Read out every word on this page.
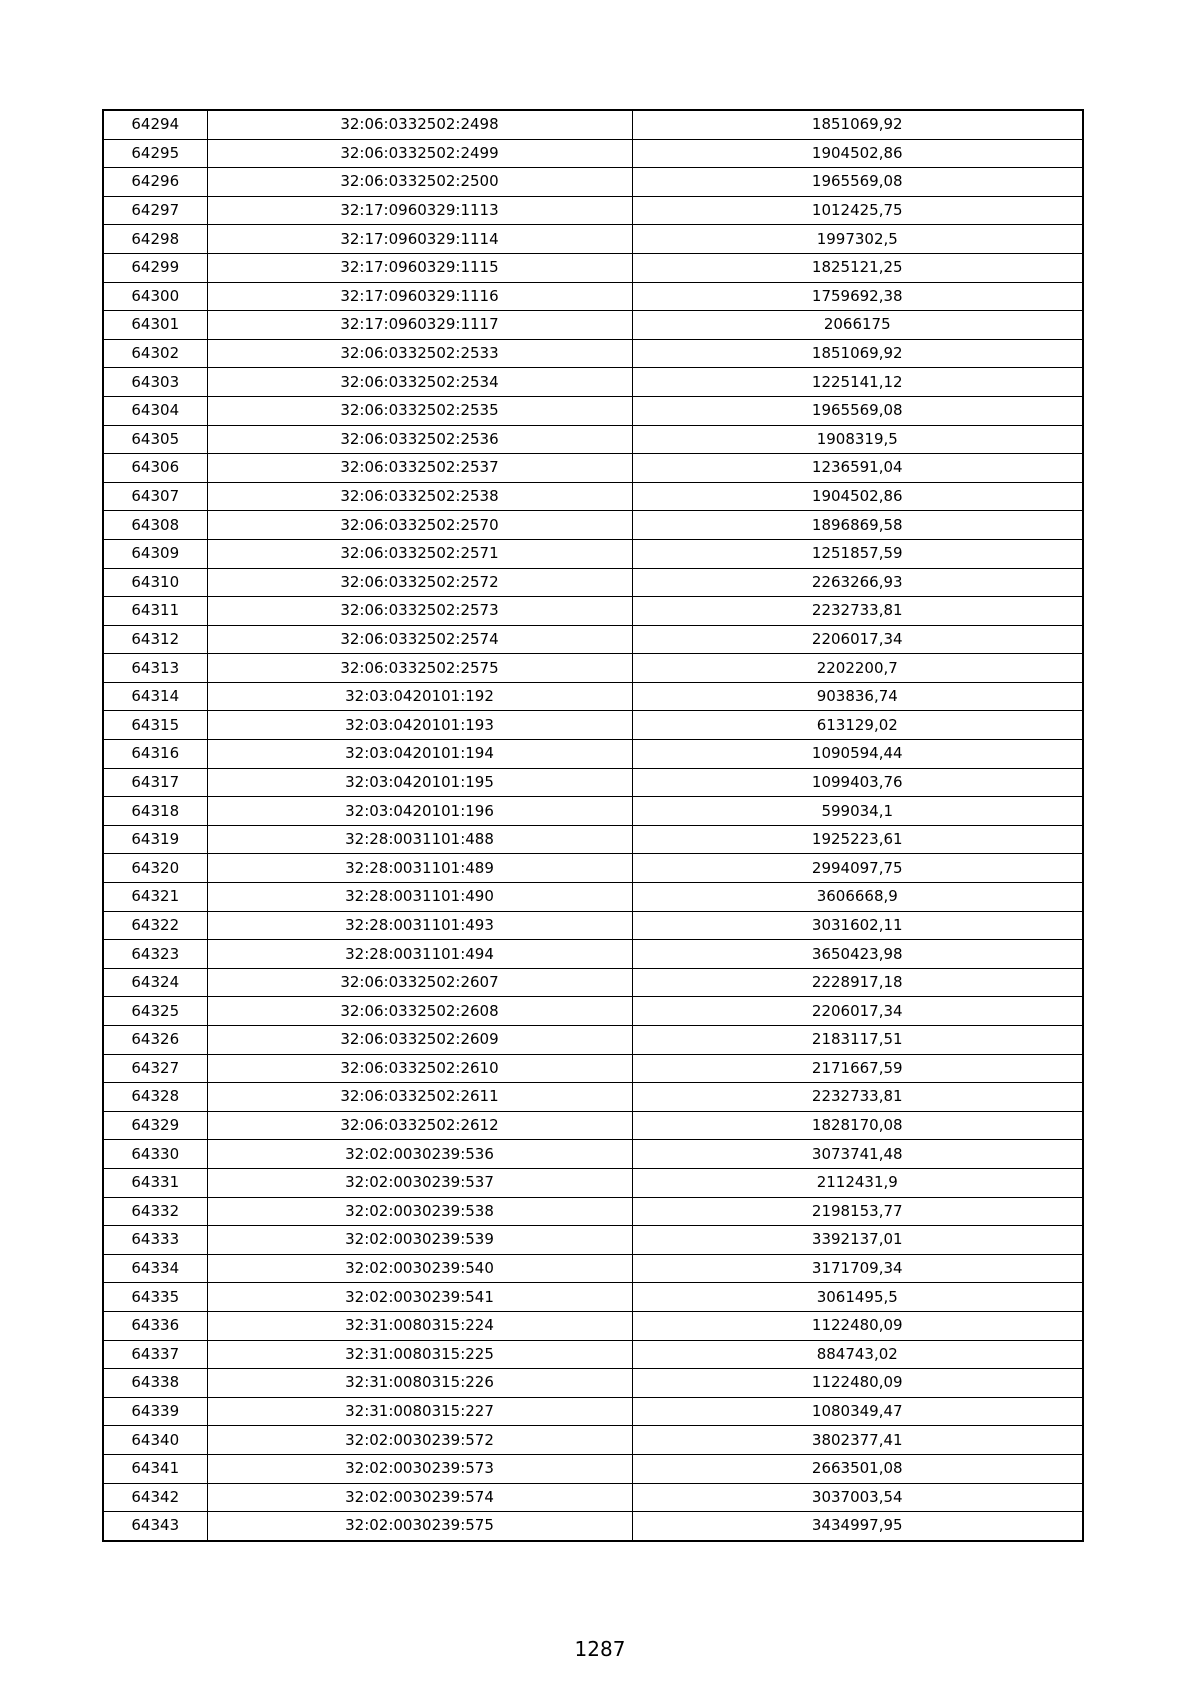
64294	32:06:0332502:2498	1851069,92
64295	32:06:0332502:2499	1904502,86
64296	32:06:0332502:2500	1965569,08
64297	32:17:0960329:1113	1012425,75
64298	32:17:0960329:1114	1997302,5
64299	32:17:0960329:1115	1825121,25
64300	32:17:0960329:1116	1759692,38
64301	32:17:0960329:1117	2066175
64302	32:06:0332502:2533	1851069,92
64303	32:06:0332502:2534	1225141,12
64304	32:06:0332502:2535	1965569,08
64305	32:06:0332502:2536	1908319,5
64306	32:06:0332502:2537	1236591,04
64307	32:06:0332502:2538	1904502,86
64308	32:06:0332502:2570	1896869,58
64309	32:06:0332502:2571	1251857,59
64310	32:06:0332502:2572	2263266,93
64311	32:06:0332502:2573	2232733,81
64312	32:06:0332502:2574	2206017,34
64313	32:06:0332502:2575	2202200,7
64314	32:03:0420101:192	903836,74
64315	32:03:0420101:193	613129,02
64316	32:03:0420101:194	1090594,44
64317	32:03:0420101:195	1099403,76
64318	32:03:0420101:196	599034,1
64319	32:28:0031101:488	1925223,61
64320	32:28:0031101:489	2994097,75
64321	32:28:0031101:490	3606668,9
64322	32:28:0031101:493	3031602,11
64323	32:28:0031101:494	3650423,98
64324	32:06:0332502:2607	2228917,18
64325	32:06:0332502:2608	2206017,34
64326	32:06:0332502:2609	2183117,51
64327	32:06:0332502:2610	2171667,59
64328	32:06:0332502:2611	2232733,81
64329	32:06:0332502:2612	1828170,08
64330	32:02:0030239:536	3073741,48
64331	32:02:0030239:537	2112431,9
64332	32:02:0030239:538	2198153,77
64333	32:02:0030239:539	3392137,01
64334	32:02:0030239:540	3171709,34
64335	32:02:0030239:541	3061495,5
64336	32:31:0080315:224	1122480,09
64337	32:31:0080315:225	884743,02
64338	32:31:0080315:226	1122480,09
64339	32:31:0080315:227	1080349,47
64340	32:02:0030239:572	3802377,41
64341	32:02:0030239:573	2663501,08
64342	32:02:0030239:574	3037003,54
64343	32:02:0030239:575	3434997,95
1287
